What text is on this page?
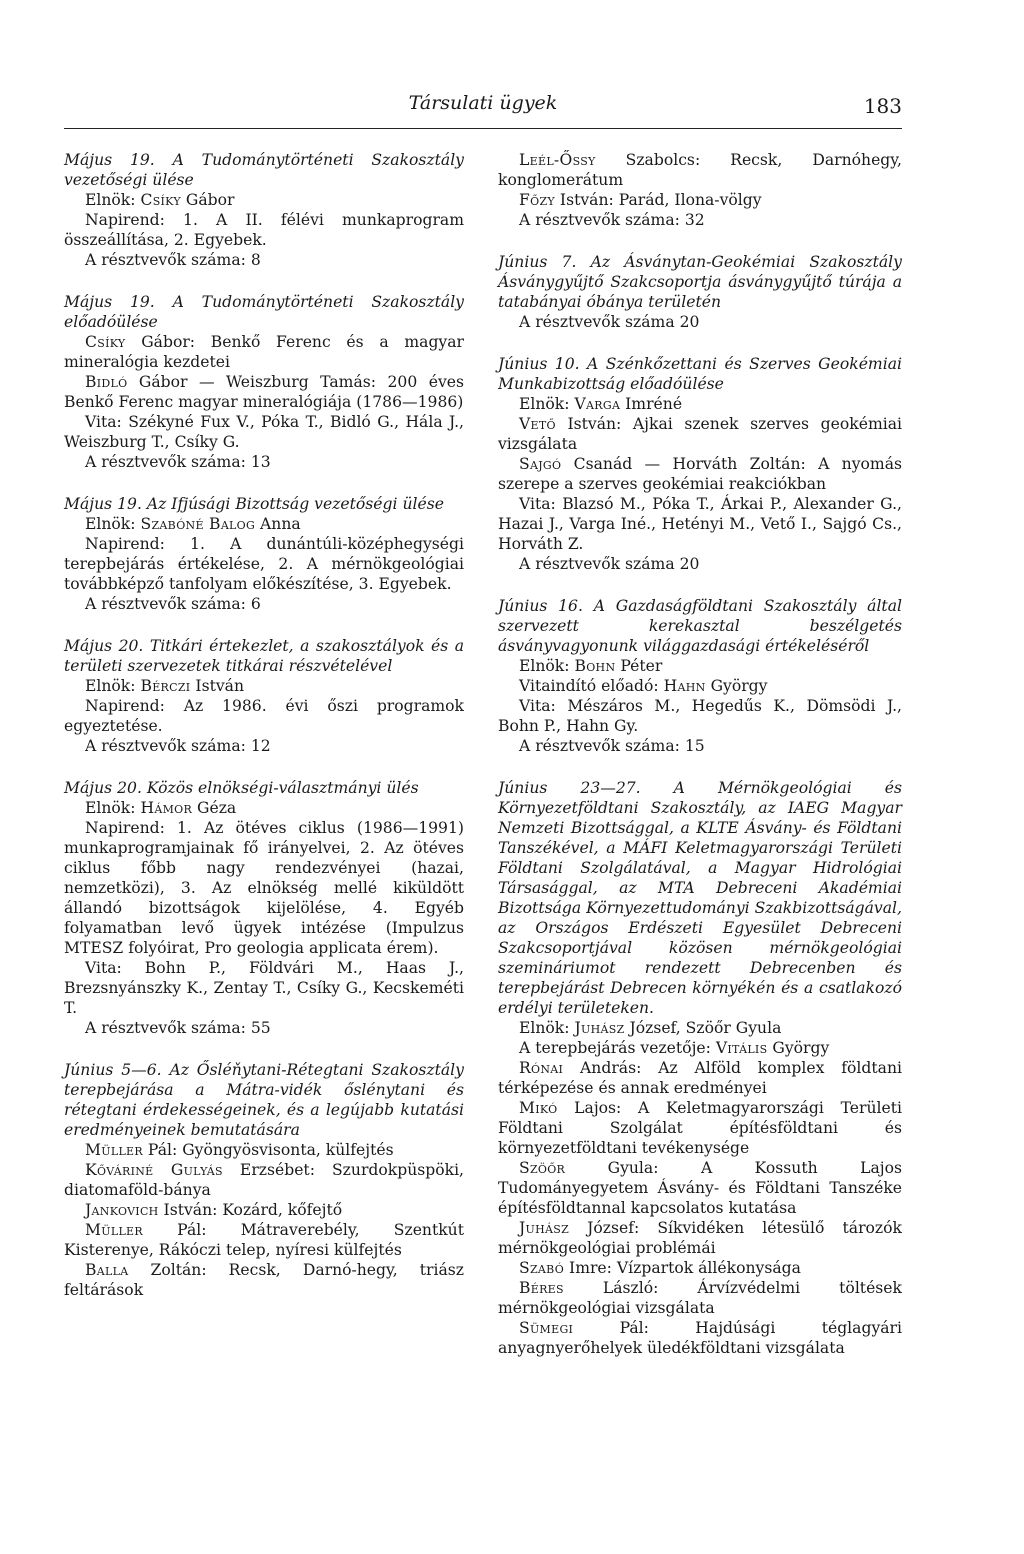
Társulati ügyek	183
Május 19. A Tudománytörténeti Szakosztály vezetőségi ülése
Elnök: Csíky Gábor
Napirend: 1. A II. félévi munkaprogram összeállítása, 2. Egyebek.
A résztvevők száma: 8
Május 19. A Tudománytörténeti Szakosztály előadóülése
Csíky Gábor: Benkő Ferenc és a magyar mineralógia kezdetei
Bidló Gábor — Weiszburg Tamás: 200 éves Benkő Ferenc magyar mineralógiája (1786—1986)
Vita: Székyné Fux V., Póka T., Bidló G., Hála J., Weiszburg T., Csíky G.
A résztvevők száma: 13
Május 19. Az Ifjúsági Bizottság vezetőségi ülése
Elnök: Szabóné Balog Anna
Napirend: 1. A dunántúli-középhegységi terepbejárás értékelése, 2. A mérnökgeológiai továbbképző tanfolyam előkészítése, 3. Egyebek.
A résztvevők száma: 6
Május 20. Titkári értekezlet, a szakosztályok és a területi szervezetek titkárai részvételével
Elnök: Bérczi István
Napirend: Az 1986. évi őszi programok egyeztetése.
A résztvevők száma: 12
Május 20. Közös elnökségi-választmányi ülés
Elnök: Hámor Géza
Napirend: 1. Az ötéves ciklus (1986—1991) munkaprogramjainak fő irányelvei, 2. Az ötéves ciklus főbb nagy rendezvényei (hazai, nemzetközi), 3. Az elnökség mellé kiküldött állandó bizottságok kijelölése, 4. Egyéb folyamatban levő ügyek intézése (Impulzus MTESZ folyóirat, Pro geologia applicata érem).
Vita: Bohn P., Földvári M., Haas J., Brezsnyánszky K., Zentay T., Csíky G., Kecskeméti T.
A résztvevők száma: 55
Június 5—6. Az Ősléňytani-Rétegtani Szakosztály terepbejárása a Mátra-vidék őslénytani és rétegtani érdekességeinek, és a legújabb kutatási eredményeinek bemutatására
Müller Pál: Gyöngyösvisonta, külfejtés
Kőváriné Gulyás Erzsébet: Szurdokpüspöki, diatomaföld-bánya
Jankovich István: Kozárd, kőfejtő
Müller Pál: Mátraverebély, Szentkút Kisterenye, Rákóczi telep, nyíresi külfejtés
Balla Zoltán: Recsk, Darnó-hegy, triász feltárások
Leél-Őssy Szabolcs: Recsk, Darnóhegy, konglomerátum
Főzy István: Parád, Ilona-völgy
A résztvevők száma: 32
Június 7. Az Ásványtan-Geokémiai Szakosztály Ásványgyűjtő Szakcsoportja ásványgyűjtő túrája a tatabányai óbánya területén
A résztvevők száma 20
Június 10. A Szénkőzettani és Szerves Geokémiai Munkabizottság előadóülése
Elnök: Varga Imréné
Vető István: Ajkai szenek szerves geokémiai vizsgálata
Sajgó Csanád — Horváth Zoltán: A nyomás szerepe a szerves geokémiai reakciókban
Vita: Blazsó M., Póka T., Árkai P., Alexander G., Hazai J., Varga Iné., Hetényi M., Vető I., Sajgó Cs., Horváth Z.
A résztvevők száma 20
Június 16. A Gazdaságföldtani Szakosztály által szervezett kerekasztal beszélgetés ásványvagyonunk világgazdasági értékeléséről
Elnök: Bohn Péter
Vitaindító előadó: Hahn György
Vita: Mészáros M., Hegedűs K., Dömsödi J., Bohn P., Hahn Gy.
A résztvevők száma: 15
Június 23—27. A Mérnökgeológiai és Környezetföldtani Szakosztály, az IAEG Magyar Nemzeti Bizottsággal, a KLTE Ásvány- és Földtani Tanszékével, a MÁFI Keletmagyarországi Területi Földtani Szolgálatával, a Magyar Hidrológiai Társasággal, az MTA Debreceni Akadémiai Bizottsága Környezettudományi Szakbizottságával, az Országos Erdészeti Egyesület Debreceni Szakcsoportjával közösen mérnökgeológiai szemináriumot rendezett Debrecenben és terepbejárást Debrecen környékén és a csatlakozó erdélyi területeken.
Elnök: Juhász József, Szöőr Gyula
A terepbejárás vezetője: Vitális György
Rónai András: Az Alföld komplex földtani térképezése és annak eredményei
Mikó Lajos: A Keletmagyarországi Területi Földtani Szolgálat építésföldtani és környezetföldtani tevékenysége
Szöőr Gyula: A Kossuth Lajos Tudományegyetem Ásvány- és Földtani Tanszéke építésföldtannal kapcsolatos kutatása
Juhász József: Síkvidéken létesülő tározók mérnökgeológiai problémái
Szabó Imre: Vízpartok állékonysága
Béres László: Árvízvédelmi töltések mérnökgeológiai vizsgálata
Sümegi Pál: Hajdúsági téglagyári anyagnyerőhelyek üledékföldtani vizsgálata
